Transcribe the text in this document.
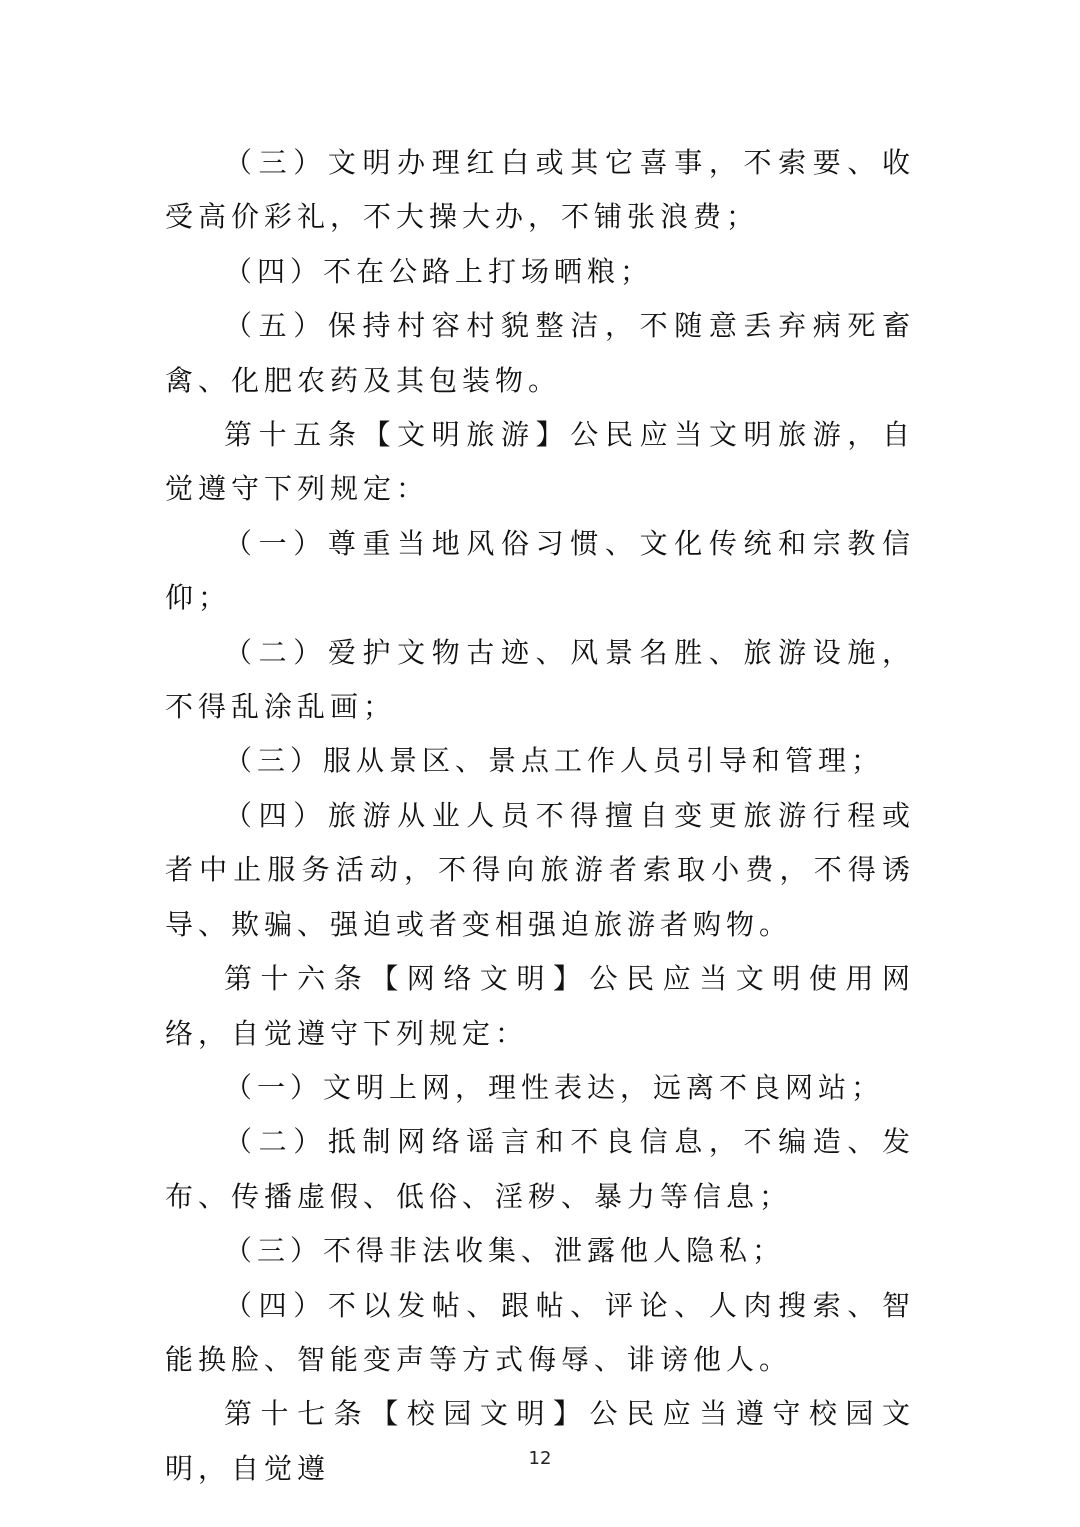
（三）文明办理红白或其它喜事，不索要、收受高价彩礼，不大操大办，不铺张浪费；

（四）不在公路上打场晒粮；

（五）保持村容村貌整洁，不随意丢弃病死畜禽、化肥农药及其包装物。

第十五条【文明旅游】公民应当文明旅游，自觉遵守下列规定：

（一）尊重当地风俗习惯、文化传统和宗教信仰；

（二）爱护文物古迹、风景名胜、旅游设施，不得乱涂乱画；

（三）服从景区、景点工作人员引导和管理；

（四）旅游从业人员不得擅自变更旅游行程或者中止服务活动，不得向旅游者索取小费，不得诱导、欺骗、强迫或者变相强迫旅游者购物。

第十六条【网络文明】公民应当文明使用网络，自觉遵守下列规定：

（一）文明上网，理性表达，远离不良网站；

（二）抵制网络谣言和不良信息，不编造、发布、传播虚假、低俗、淫秽、暴力等信息；

（三）不得非法收集、泄露他人隐私；

（四）不以发帖、跟帖、评论、人肉搜索、智能换脸、智能变声等方式侮辱、诽谤他人。

第十七条【校园文明】公民应当遵守校园文明，自觉遵	12
